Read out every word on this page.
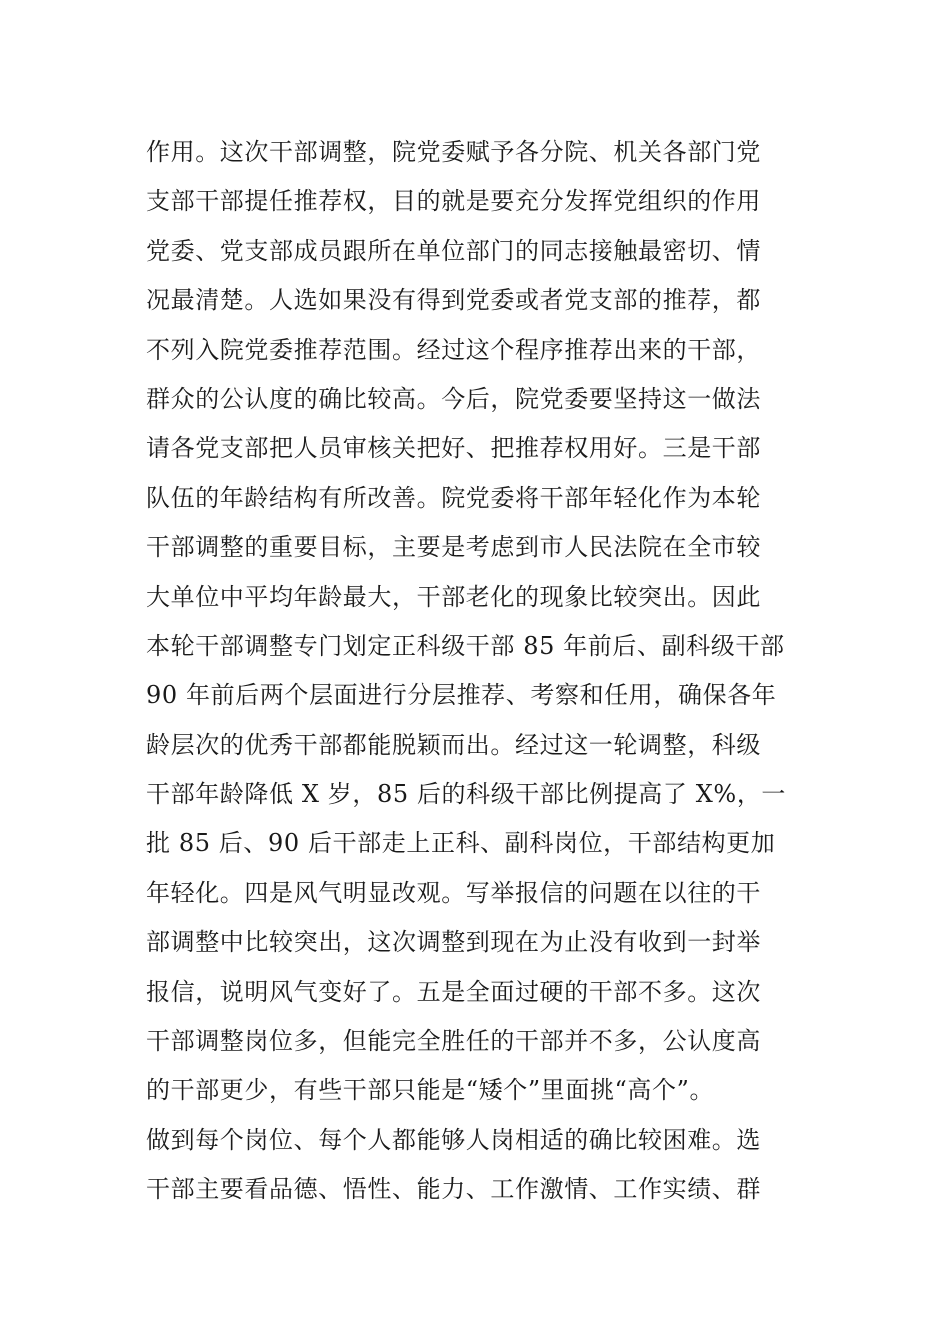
作用。这次干部调整，院党委赋予各分院、机关各部门党
支部干部提任推荐权，目的就是要充分发挥党组织的作用
党委、党支部成员跟所在单位部门的同志接触最密切、情
况最清楚。人选如果没有得到党委或者党支部的推荐，都
不列入院党委推荐范围。经过这个程序推荐出来的干部，
群众的公认度的确比较高。今后，院党委要坚持这一做法
请各党支部把人员审核关把好、把推荐权用好。三是干部
队伍的年龄结构有所改善。院党委将干部年轻化作为本轮
干部调整的重要目标，主要是考虑到市人民法院在全市较
大单位中平均年龄最大，干部老化的现象比较突出。因此
本轮干部调整专门划定正科级干部 85 年前后、副科级干部
90 年前后两个层面进行分层推荐、考察和任用，确保各年
龄层次的优秀干部都能脱颖而出。经过这一轮调整，科级
干部年龄降低 X 岁，85 后的科级干部比例提高了 X%，一
批 85 后、90 后干部走上正科、副科岗位，干部结构更加
年轻化。四是风气明显改观。写举报信的问题在以往的干
部调整中比较突出，这次调整到现在为止没有收到一封举
报信，说明风气变好了。五是全面过硬的干部不多。这次
干部调整岗位多，但能完全胜任的干部并不多，公认度高
的干部更少，有些干部只能是“矮个”里面挑“高个”。
做到每个岗位、每个人都能够人岗相适的确比较困难。选
干部主要看品德、悟性、能力、工作激情、工作实绩、群
